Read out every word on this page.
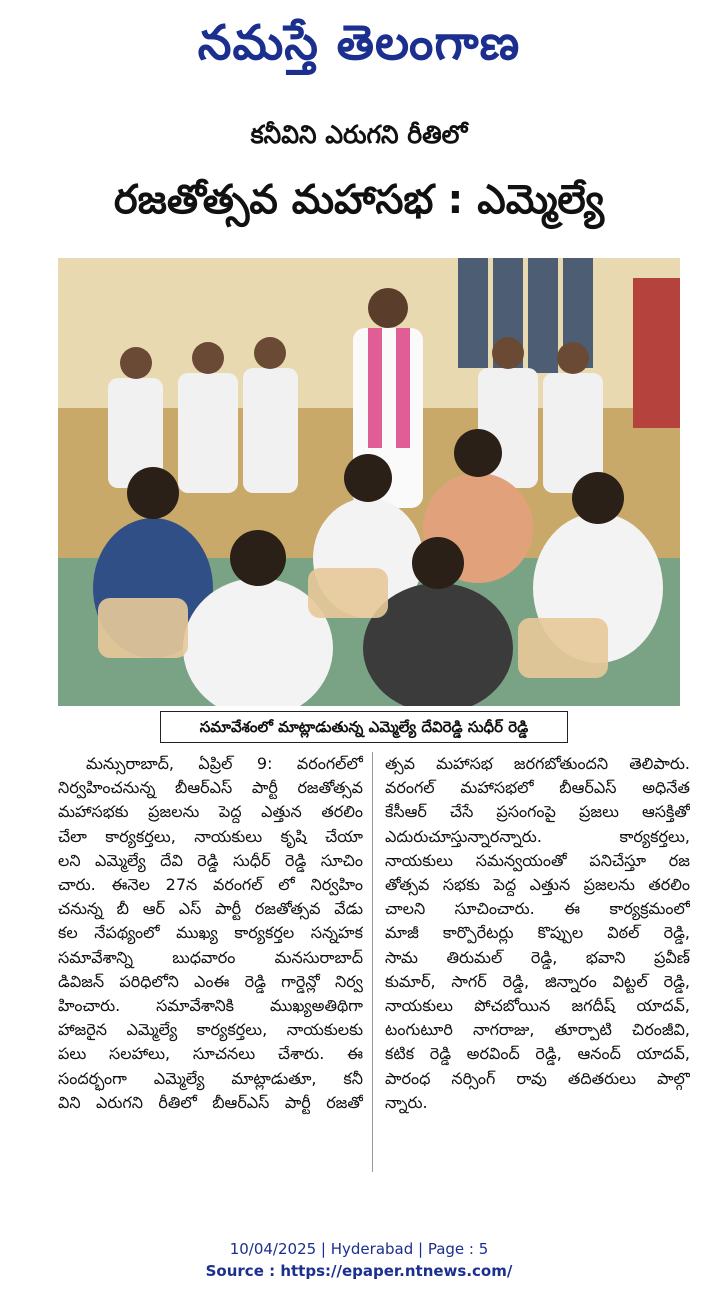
నమస్తే తెలంగాణ
కనీవిని ఎరుగని రీతిలో
రజతోత్సవ మహాసభ : ఎమ్మెల్యే
సమావేశంలో మాట్లాడుతున్న ఎమ్మెల్యే దేవిరెడ్డి సుధీర్ రెడ్డి
మన్సురాబాద్, ఏప్రిల్ 9: వరంగల్‌లో
నిర్వహించనున్న బీఆర్ఎస్ పార్టీ రజతోత్సవ
మహాసభకు ప్రజలను పెద్ద ఎత్తున తరలిం
చేలా కార్యకర్తలు, నాయకులు కృషి చేయా
లని ఎమ్మెల్యే దేవి రెడ్డి సుధీర్ రెడ్డి సూచిం
చారు. ఈనెల 27న వరంగల్ లో నిర్వహిం
చనున్న బీ ఆర్ ఎస్ పార్టీ రజతోత్సవ వేడు
కల నేపథ్యంలో ముఖ్య కార్యకర్తల సన్నహక
సమావేశాన్ని బుధవారం మనసురాబాద్
డివిజన్ పరిధిలోని ఎంఈ రెడ్డి గార్డెన్లో నిర్వ
హించారు. సమావేశానికి ముఖ్యఅతిథిగా
హాజరైన ఎమ్మెల్యే కార్యకర్తలు, నాయకులకు
పలు సలహాలు, సూచనలు చేశారు. ఈ
సందర్భంగా ఎమ్మెల్యే మాట్లాడుతూ, కనీ
విని ఎరుగని రీతిలో బీఆర్ఎస్ పార్టీ రజతో
త్సవ మహాసభ జరగబోతుందని తెలిపారు.
వరంగల్ మహాసభలో బీఆర్ఎస్ అధినేత
కేసీఆర్ చేసే ప్రసంగంపై ప్రజలు ఆసక్తితో
ఎదురుచూస్తున్నారన్నారు. కార్యకర్తలు,
నాయకులు సమన్వయంతో పనిచేస్తూ రజ
తోత్సవ సభకు పెద్ద ఎత్తున ప్రజలను తరలిం
చాలని సూచించారు. ఈ కార్యక్రమంలో
మాజీ కార్పొరేటర్లు కొప్పుల విఠల్ రెడ్డి,
సామ తిరుమల్ రెడ్డి, భవాని ప్రవీణ్
కుమార్, సాగర్ రెడ్డి, జిన్నారం విట్టల్ రెడ్డి,
నాయకులు పోచబోయిన జగదీష్ యాదవ్,
టంగుటూరి నాగరాజు, తూర్పాటి చిరంజీవి,
కటిక రెడ్డి అరవింద్ రెడ్డి, ఆనంద్ యాదవ్,
పారంధ నర్సింగ్ రావు తదితరులు పాల్గొ
న్నారు.
10/04/2025 | Hyderabad | Page : 5
Source : https://epaper.ntnews.com/
